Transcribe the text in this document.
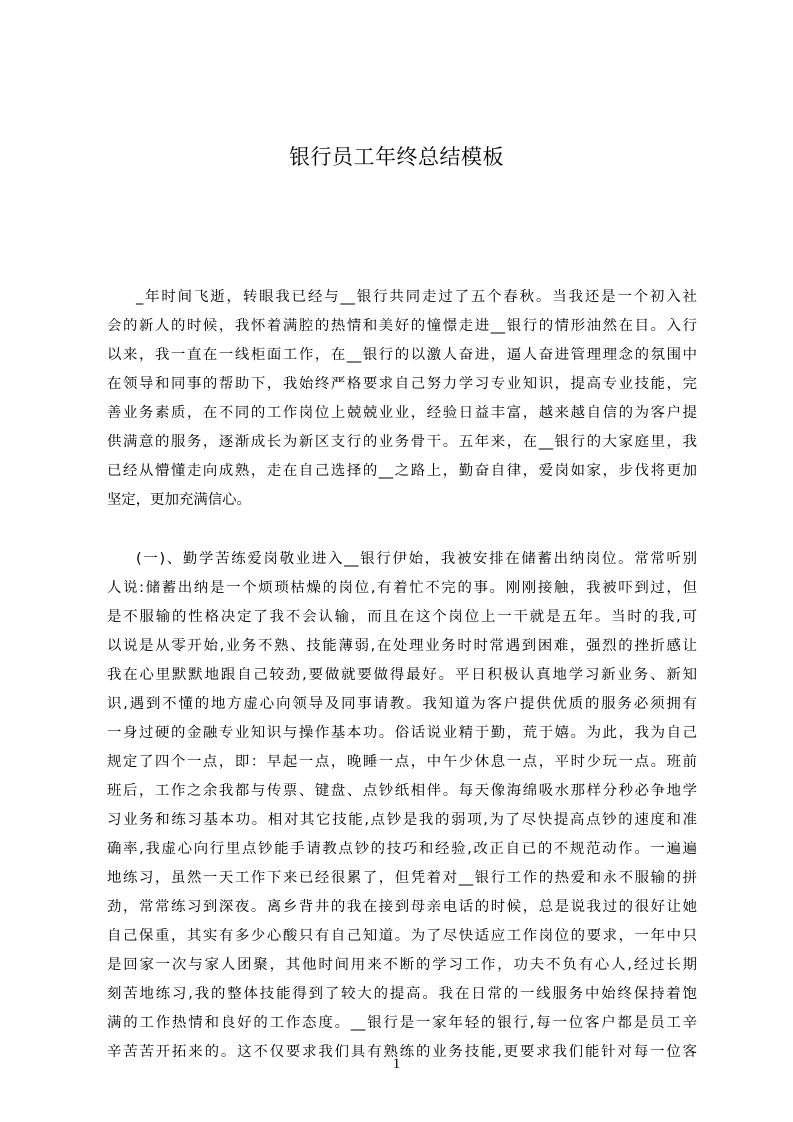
银行员工年终总结模板
_年时间飞逝，转眼我已经与__银行共同走过了五个春秋。当我还是一个初入社
会的新人的时候，我怀着满腔的热情和美好的憧憬走进__银行的情形油然在目。入行
以来，我一直在一线柜面工作，在__银行的以激人奋进，逼人奋进管理理念的氛围中
在领导和同事的帮助下，我始终严格要求自己努力学习专业知识，提高专业技能，完
善业务素质，在不同的工作岗位上兢兢业业，经验日益丰富，越来越自信的为客户提
供满意的服务，逐渐成长为新区支行的业务骨干。五年来，在__银行的大家庭里，我
已经从懵懂走向成熟，走在自己选择的__之路上，勤奋自律，爱岗如家，步伐将更加
坚定，更加充满信心。
(一)、勤学苦练爱岗敬业进入__银行伊始，我被安排在储蓄出纳岗位。常常听别
人说:储蓄出纳是一个烦琐枯燥的岗位,有着忙不完的事。刚刚接触，我被吓到过，但
是不服输的性格决定了我不会认输，而且在这个岗位上一干就是五年。当时的我,可
以说是从零开始,业务不熟、技能薄弱,在处理业务时时常遇到困难，强烈的挫折感让
我在心里默默地跟自己较劲,要做就要做得最好。平日积极认真地学习新业务、新知
识,遇到不懂的地方虚心向领导及同事请教。我知道为客户提供优质的服务必须拥有
一身过硬的金融专业知识与操作基本功。俗话说业精于勤，荒于嬉。为此，我为自己
规定了四个一点，即：早起一点，晚睡一点，中午少休息一点，平时少玩一点。班前
班后，工作之余我都与传票、键盘、点钞纸相伴。每天像海绵吸水那样分秒必争地学
习业务和练习基本功。相对其它技能,点钞是我的弱项,为了尽快提高点钞的速度和准
确率,我虚心向行里点钞能手请教点钞的技巧和经验,改正自已的不规范动作。一遍遍
地练习，虽然一天工作下来已经很累了，但凭着对__银行工作的热爱和永不服输的拼
劲，常常练习到深夜。离乡背井的我在接到母亲电话的时候，总是说我过的很好让她
自己保重，其实有多少心酸只有自己知道。为了尽快适应工作岗位的要求，一年中只
是回家一次与家人团聚，其他时间用来不断的学习工作，功夫不负有心人,经过长期
刻苦地练习,我的整体技能得到了较大的提高。我在日常的一线服务中始终保持着饱
满的工作热情和良好的工作态度。__银行是一家年轻的银行,每一位客户都是员工辛
辛苦苦开拓来的。这不仅要求我们具有熟练的业务技能,更要求我们能针对每一位客
1
